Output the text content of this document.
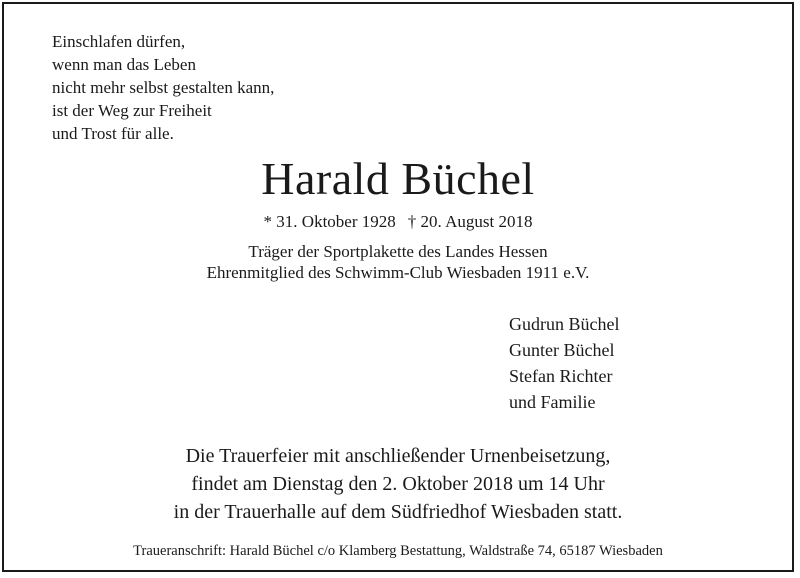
Einschlafen dürfen,
wenn man das Leben
nicht mehr selbst gestalten kann,
ist der Weg zur Freiheit
und Trost für alle.
Harald Büchel
* 31. Oktober 1928 † 20. August 2018
Träger der Sportplakette des Landes Hessen
Ehrenmitglied des Schwimm-Club Wiesbaden 1911 e.V.
Gudrun Büchel
Gunter Büchel
Stefan Richter
und Familie
Die Trauerfeier mit anschließender Urnenbeisetzung,
findet am Dienstag den 2. Oktober 2018 um 14 Uhr
in der Trauerhalle auf dem Südfriedhof Wiesbaden statt.
Traueranschrift: Harald Büchel c/o Klamberg Bestattung, Waldstraße 74, 65187 Wiesbaden
